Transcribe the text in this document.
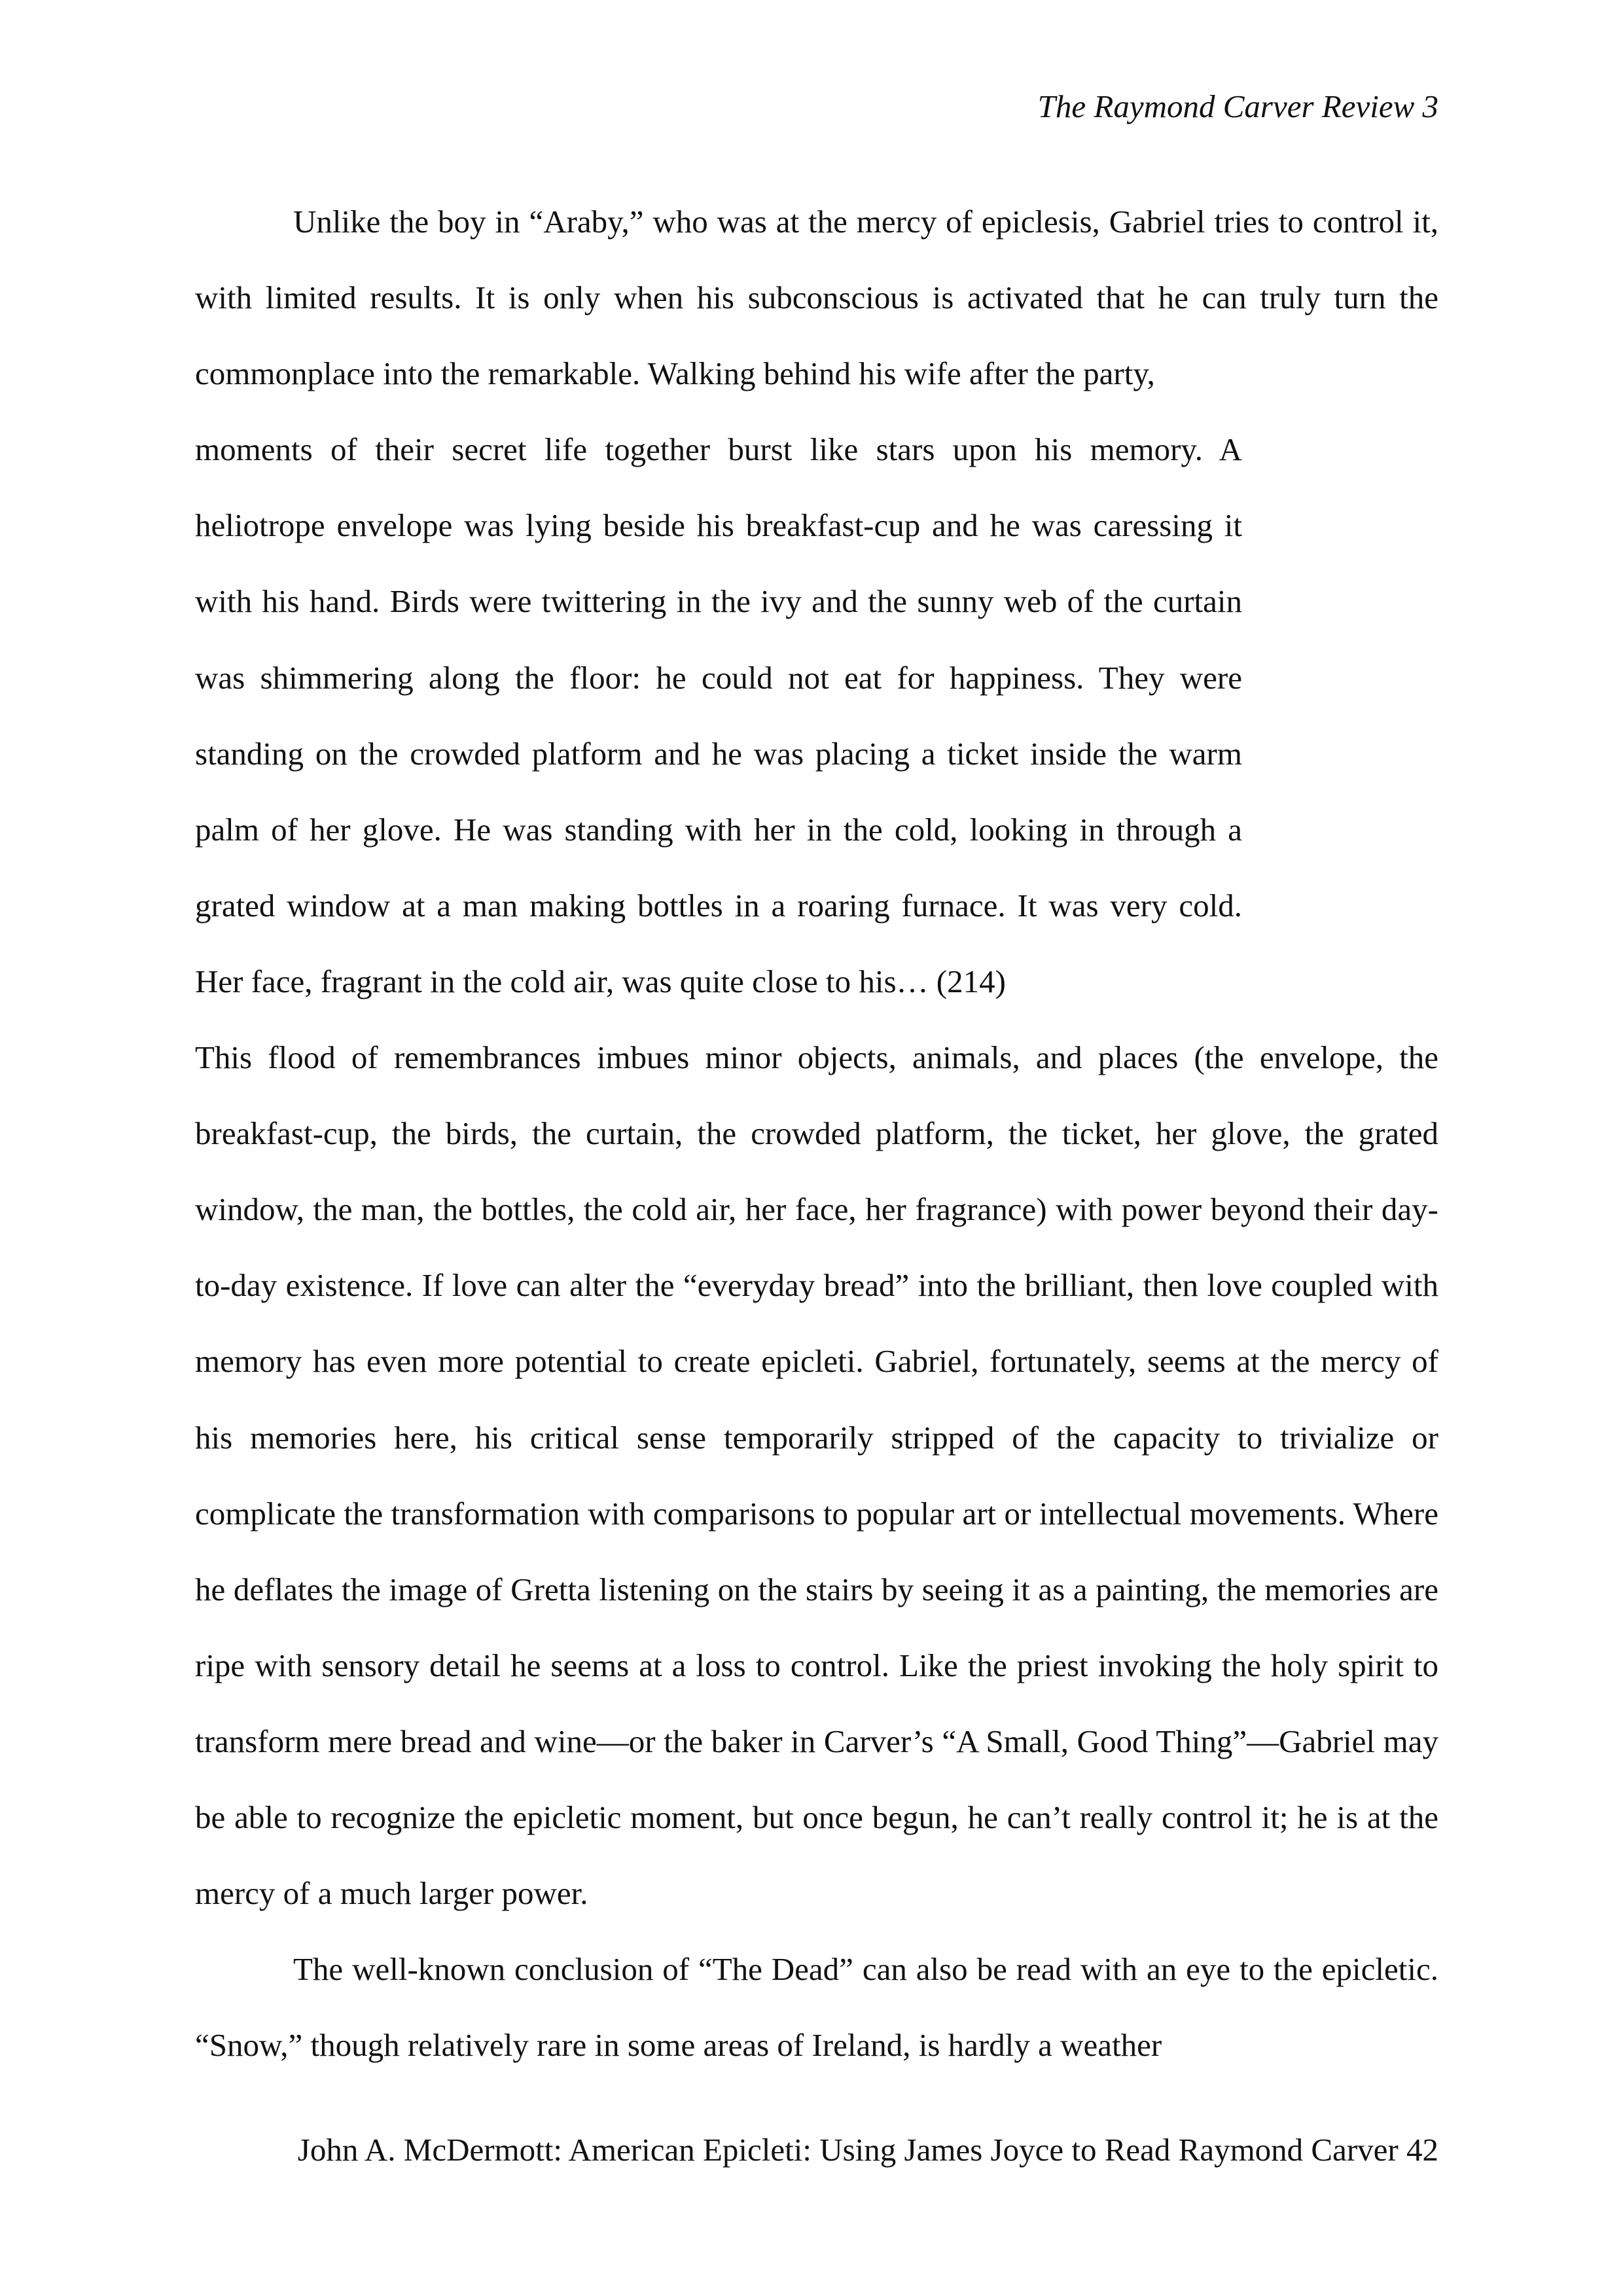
The Raymond Carver Review 3

Unlike the boy in “Araby,” who was at the mercy of epiclesis, Gabriel tries to control it, with limited results. It is only when his subconscious is activated that he can truly turn the commonplace into the remarkable. Walking behind his wife after the party,

moments of their secret life together burst like stars upon his memory. A heliotrope envelope was lying beside his breakfast-cup and he was caressing it with his hand. Birds were twittering in the ivy and the sunny web of the curtain was shimmering along the floor: he could not eat for happiness. They were standing on the crowded platform and he was placing a ticket inside the warm palm of her glove. He was standing with her in the cold, looking in through a grated window at a man making bottles in a roaring furnace. It was very cold. Her face, fragrant in the cold air, was quite close to his… (214)

This flood of remembrances imbues minor objects, animals, and places (the envelope, the breakfast-cup, the birds, the curtain, the crowded platform, the ticket, her glove, the grated window, the man, the bottles, the cold air, her face, her fragrance) with power beyond their day-to-day existence. If love can alter the “everyday bread” into the brilliant, then love coupled with memory has even more potential to create epicleti. Gabriel, fortunately, seems at the mercy of his memories here, his critical sense temporarily stripped of the capacity to trivialize or complicate the transformation with comparisons to popular art or intellectual movements. Where he deflates the image of Gretta listening on the stairs by seeing it as a painting, the memories are ripe with sensory detail he seems at a loss to control. Like the priest invoking the holy spirit to transform mere bread and wine—or the baker in Carver’s “A Small, Good Thing”—Gabriel may be able to recognize the epicletic moment, but once begun, he can’t really control it; he is at the mercy of a much larger power.

The well-known conclusion of “The Dead” can also be read with an eye to the epicletic. “Snow,” though relatively rare in some areas of Ireland, is hardly a weather

John A. McDermott: American Epicleti: Using James Joyce to Read Raymond Carver 42
